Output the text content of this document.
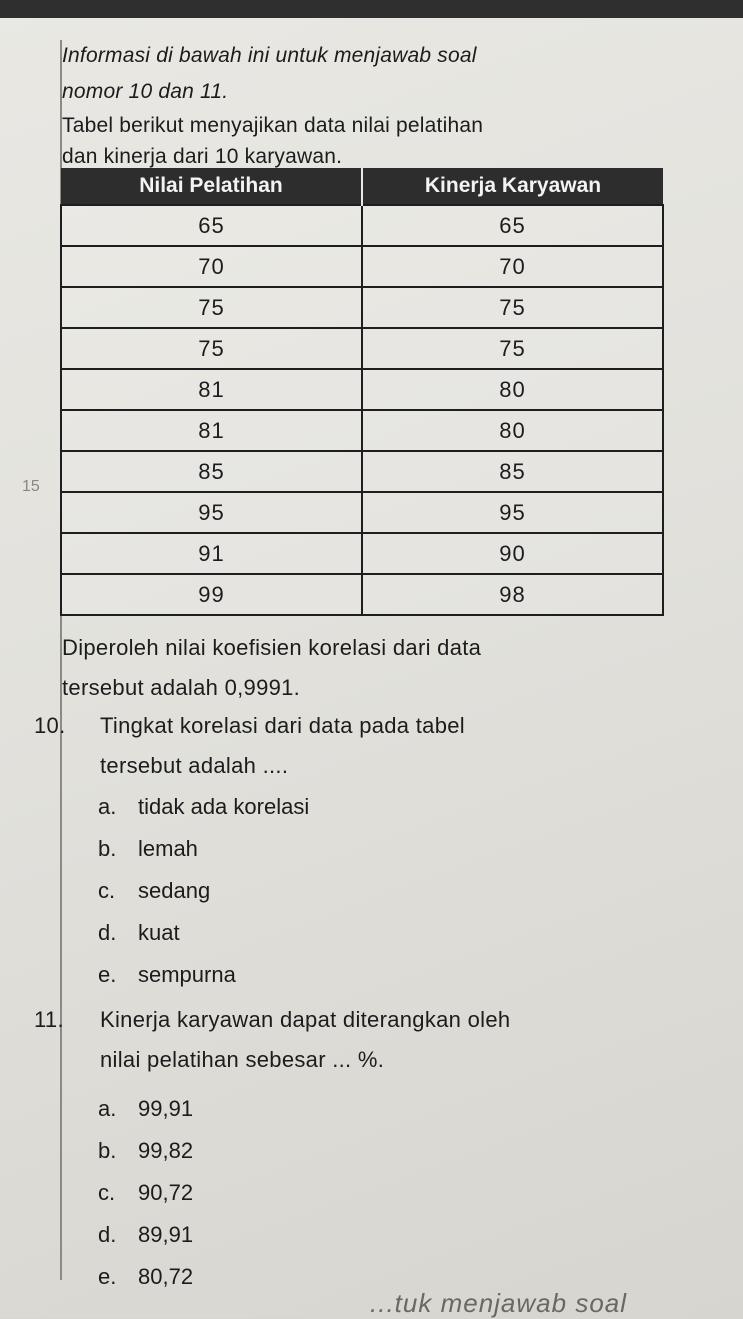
Informasi di bawah ini untuk menjawab soal
nomor 10 dan 11.
Tabel berikut menyajikan data nilai pelatihan
dan kinerja dari 10 karyawan.
Nilai Pelatihan	Kinerja Karyawan
65	65
70	70
75	75
75	75
81	80
81	80
85	85
95	95
91	90
99	98
15
Diperoleh nilai koefisien korelasi dari data
tersebut adalah 0,9991.
10. Tingkat korelasi dari data pada tabel
tersebut adalah ....
a. tidak ada korelasi
b. lemah
c. sedang
d. kuat
e. sempurna
11. Kinerja karyawan dapat diterangkan oleh
nilai pelatihan sebesar ... %.
a. 99,91
b. 99,82
c. 90,72
d. 89,91
e. 80,72
...tuk menjawab soal
